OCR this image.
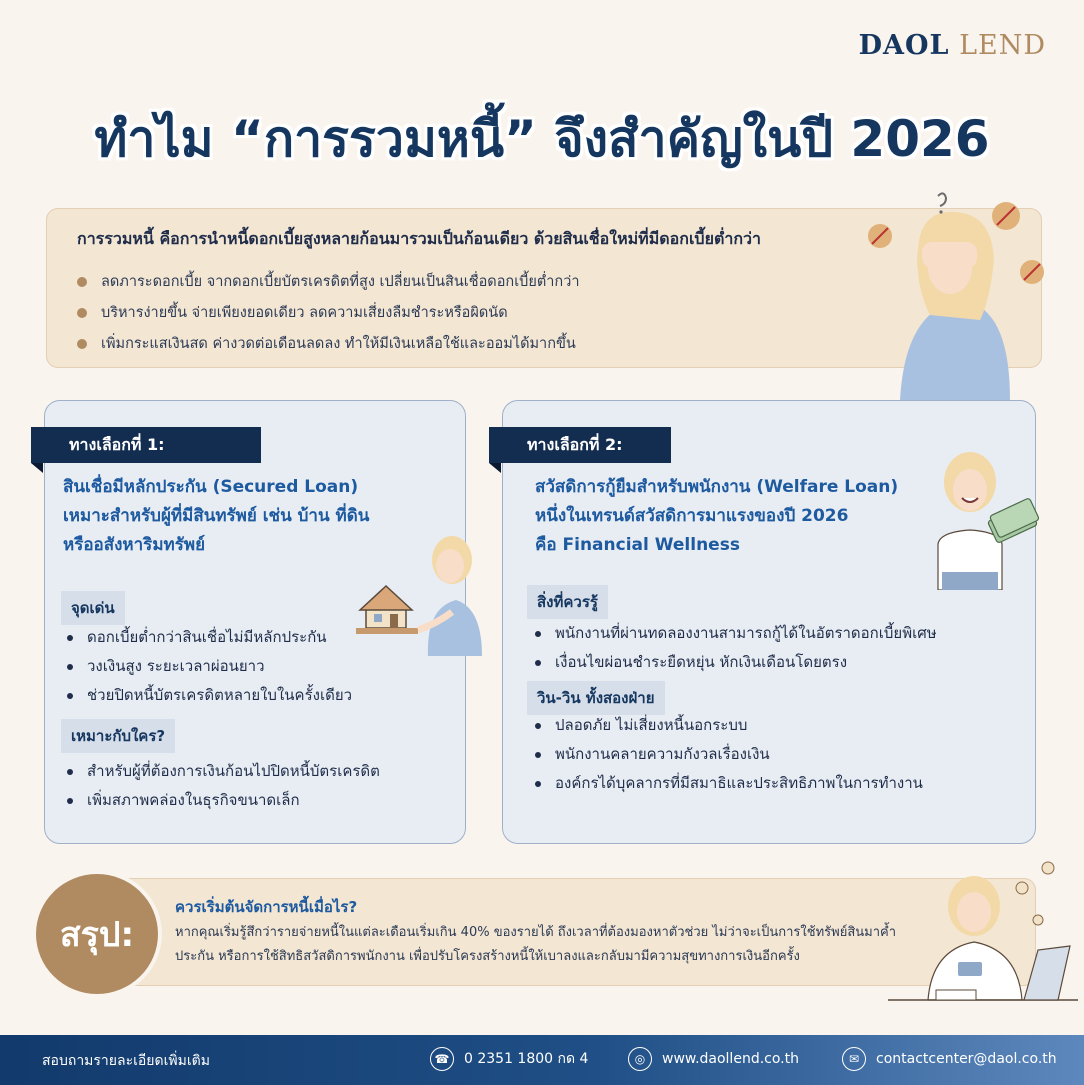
DAOL LEND
ทำไม “การรวมหนี้” จึงสำคัญในปี 2026
การรวมหนี้ คือการนำหนี้ดอกเบี้ยสูงหลายก้อนมารวมเป็นก้อนเดียว ด้วยสินเชื่อใหม่ที่มีดอกเบี้ยต่ำกว่า
ลดภาระดอกเบี้ย จากดอกเบี้ยบัตรเครดิตที่สูง เปลี่ยนเป็นสินเชื่อดอกเบี้ยต่ำกว่า
บริหารง่ายขึ้น จ่ายเพียงยอดเดียว ลดความเสี่ยงลืมชำระหรือผิดนัด
เพิ่มกระแสเงินสด ค่างวดต่อเดือนลดลง ทำให้มีเงินเหลือใช้และออมได้มากขึ้น
ทางเลือกที่ 1:
สินเชื่อมีหลักประกัน (Secured Loan)
เหมาะสำหรับผู้ที่มีสินทรัพย์ เช่น บ้าน ที่ดิน
หรืออสังหาริมทรัพย์
จุดเด่น
ดอกเบี้ยต่ำกว่าสินเชื่อไม่มีหลักประกัน
วงเงินสูง ระยะเวลาผ่อนยาว
ช่วยปิดหนี้บัตรเครดิตหลายใบในครั้งเดียว
เหมาะกับใคร?
สำหรับผู้ที่ต้องการเงินก้อนไปปิดหนี้บัตรเครดิต
เพิ่มสภาพคล่องในธุรกิจขนาดเล็ก
ทางเลือกที่ 2:
สวัสดิการกู้ยืมสำหรับพนักงาน (Welfare Loan)
หนึ่งในเทรนด์สวัสดิการมาแรงของปี 2026
คือ Financial Wellness
สิ่งที่ควรรู้
พนักงานที่ผ่านทดลองงานสามารถกู้ได้ในอัตราดอกเบี้ยพิเศษ
เงื่อนไขผ่อนชำระยืดหยุ่น หักเงินเดือนโดยตรง
วิน-วิน ทั้งสองฝ่าย
ปลอดภัย ไม่เสี่ยงหนี้นอกระบบ
พนักงานคลายความกังวลเรื่องเงิน
องค์กรได้บุคลากรที่มีสมาธิและประสิทธิภาพในการทำงาน
ควรเริ่มต้นจัดการหนี้เมื่อไร?
หากคุณเริ่มรู้สึกว่ารายจ่ายหนี้ในแต่ละเดือนเริ่มเกิน 40% ของรายได้ ถึงเวลาที่ต้องมองหาตัวช่วย ไม่ว่าจะเป็นการใช้ทรัพย์สินมาค้ำประกัน หรือการใช้สิทธิสวัสดิการพนักงาน เพื่อปรับโครงสร้างหนี้ให้เบาลงและกลับมามีความสุขทางการเงินอีกครั้ง
สรุป:
สอบถามรายละเอียดเพิ่มเติม	☎	0 2351 1800 กด 4	◎	www.daollend.co.th	✉	contactcenter@daol.co.th
